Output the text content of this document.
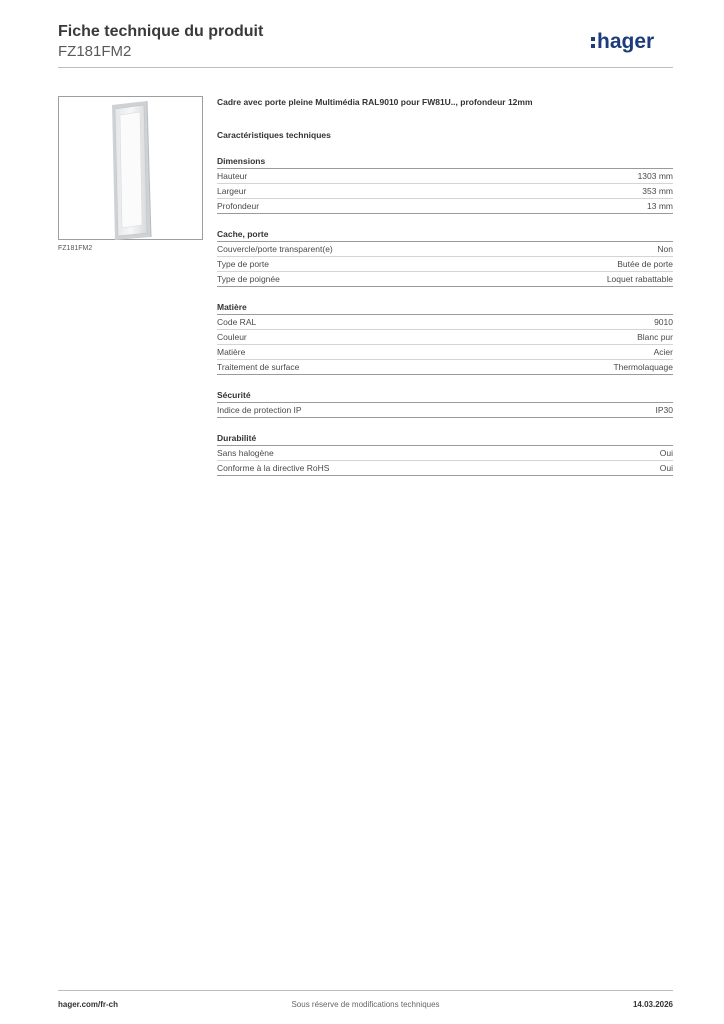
Fiche technique du produit
FZ181FM2	hager
FZ181FM2
Cadre avec porte pleine Multimédia RAL9010 pour FW81U.., profondeur 12mm
Caractéristiques techniques
Dimensions
Hauteur	1303 mm
Largeur	353 mm
Profondeur	13 mm
Cache, porte
Couvercle/porte transparent(e)	Non
Type de porte	Butée de porte
Type de poignée	Loquet rabattable
Matière
Code RAL	9010
Couleur	Blanc pur
Matière	Acier
Traitement de surface	Thermolaquage
Sécurité
Indice de protection IP	IP30
Durabilité
Sans halogène	Oui
Conforme à la directive RoHS	Oui
hager.com/fr-ch	Sous réserve de modifications techniques	14.03.2026
